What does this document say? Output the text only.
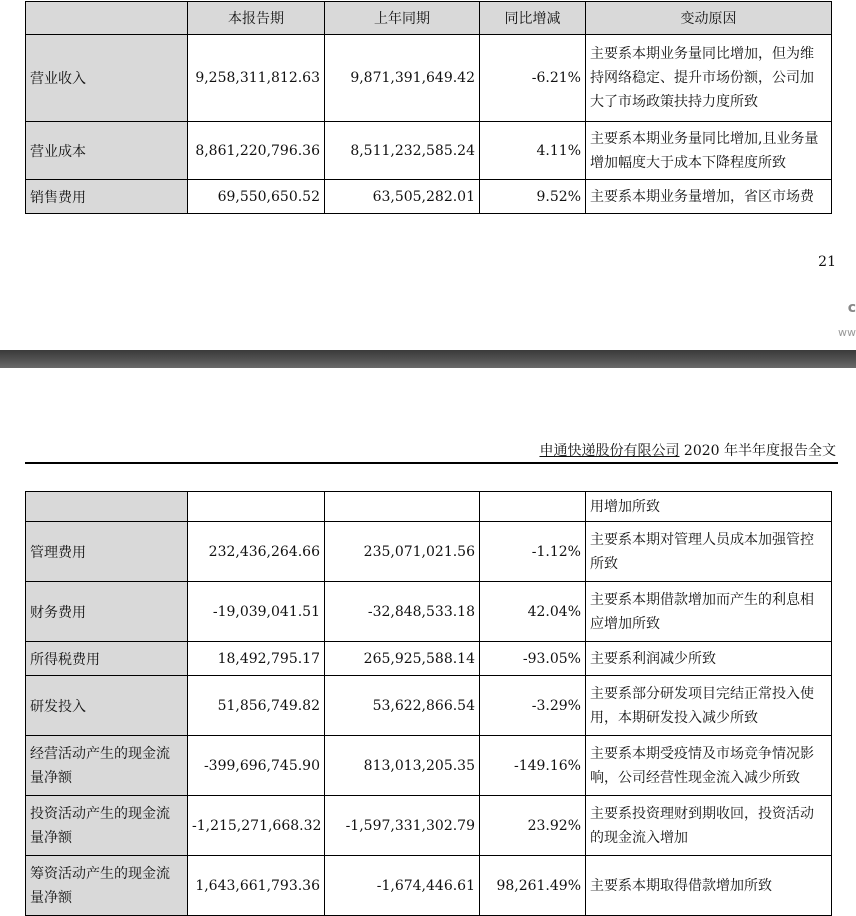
	本报告期	上年同期	同比增减	变动原因
营业收入	9,258,311,812.63	9,871,391,649.42	-6.21%	主要系本期业务量同比增加，但为维持网络稳定、提升市场份额，公司加大了市场政策扶持力度所致
营业成本	8,861,220,796.36	8,511,232,585.24	4.11%	主要系本期业务量同比增加,且业务量增加幅度大于成本下降程度所致
销售费用	69,550,650.52	63,505,282.01	9.52%	主要系本期业务量增加，省区市场费
21
c
ww
申通快递股份有限公司 2020 年半年度报告全文
				用增加所致
管理费用	232,436,264.66	235,071,021.56	-1.12%	主要系本期对管理人员成本加强管控所致
财务费用	-19,039,041.51	-32,848,533.18	42.04%	主要系本期借款增加而产生的利息相应增加所致
所得税费用	18,492,795.17	265,925,588.14	-93.05%	主要系利润减少所致
研发投入	51,856,749.82	53,622,866.54	-3.29%	主要系部分研发项目完结正常投入使用，本期研发投入减少所致
经营活动产生的现金流量净额	-399,696,745.90	813,013,205.35	-149.16%	主要系本期受疫情及市场竞争情况影响，公司经营性现金流入减少所致
投资活动产生的现金流量净额	-1,215,271,668.32	-1,597,331,302.79	23.92%	主要系投资理财到期收回，投资活动的现金流入增加
筹资活动产生的现金流量净额	1,643,661,793.36	-1,674,446.61	98,261.49%	主要系本期取得借款增加所致
